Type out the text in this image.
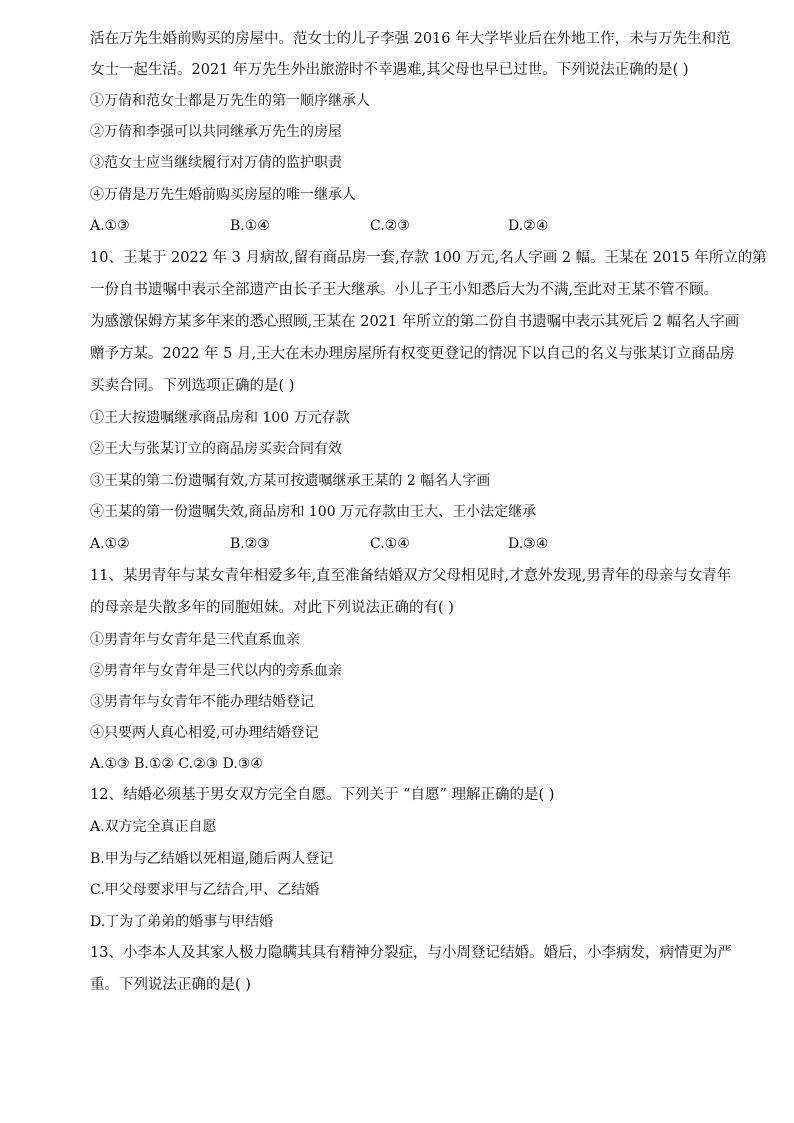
活在万先生婚前购买的房屋中。范女士的儿子李强 2016 年大学毕业后在外地工作，未与万先生和范
女士一起生活。2021 年万先生外出旅游时不幸遇难,其父母也早已过世。下列说法正确的是( )
①万倩和范女士都是万先生的第一顺序继承人
②万倩和李强可以共同继承万先生的房屋
③范女士应当继续履行对万倩的监护职责
④万倩是万先生婚前购买房屋的唯一继承人
A.①③	B.①④	C.②③	D.②④
10、王某于 2022 年 3 月病故,留有商品房一套,存款 100 万元,名人字画 2 幅。王某在 2015 年所立的第
一份自书遗嘱中表示全部遗产由长子王大继承。小儿子王小知悉后大为不满,至此对王某不管不顾。
为感激保姆方某多年来的悉心照顾,王某在 2021 年所立的第二份自书遗嘱中表示其死后 2 幅名人字画
赠予方某。2022 年 5 月,王大在未办理房屋所有权变更登记的情况下以自己的名义与张某订立商品房
买卖合同。下列选项正确的是( )
①王大按遗嘱继承商品房和 100 万元存款
②王大与张某订立的商品房买卖合同有效
③王某的第二份遗嘱有效,方某可按遗嘱继承王某的 2 幅名人字画
④王某的第一份遗嘱失效,商品房和 100 万元存款由王大、王小法定继承
A.①②	B.②③	C.①④	D.③④
11、某男青年与某女青年相爱多年,直至准备结婚双方父母相见时,才意外发现,男青年的母亲与女青年
的母亲是失散多年的同胞姐妹。对此下列说法正确的有( )
①男青年与女青年是三代直系血亲
②男青年与女青年是三代以内的旁系血亲
③男青年与女青年不能办理结婚登记
④只要两人真心相爱,可办理结婚登记
A.①③ B.①② C.②③ D.③④
12、结婚必须基于男女双方完全自愿。下列关于 “自愿” 理解正确的是( )
A.双方完全真正自愿
B.甲为与乙结婚以死相逼,随后两人登记
C.甲父母要求甲与乙结合,甲、乙结婚
D.丁为了弟弟的婚事与甲结婚
13、小李本人及其家人极力隐瞒其具有精神分裂症，与小周登记结婚。婚后，小李病发，病情更为严
重。下列说法正确的是( )
